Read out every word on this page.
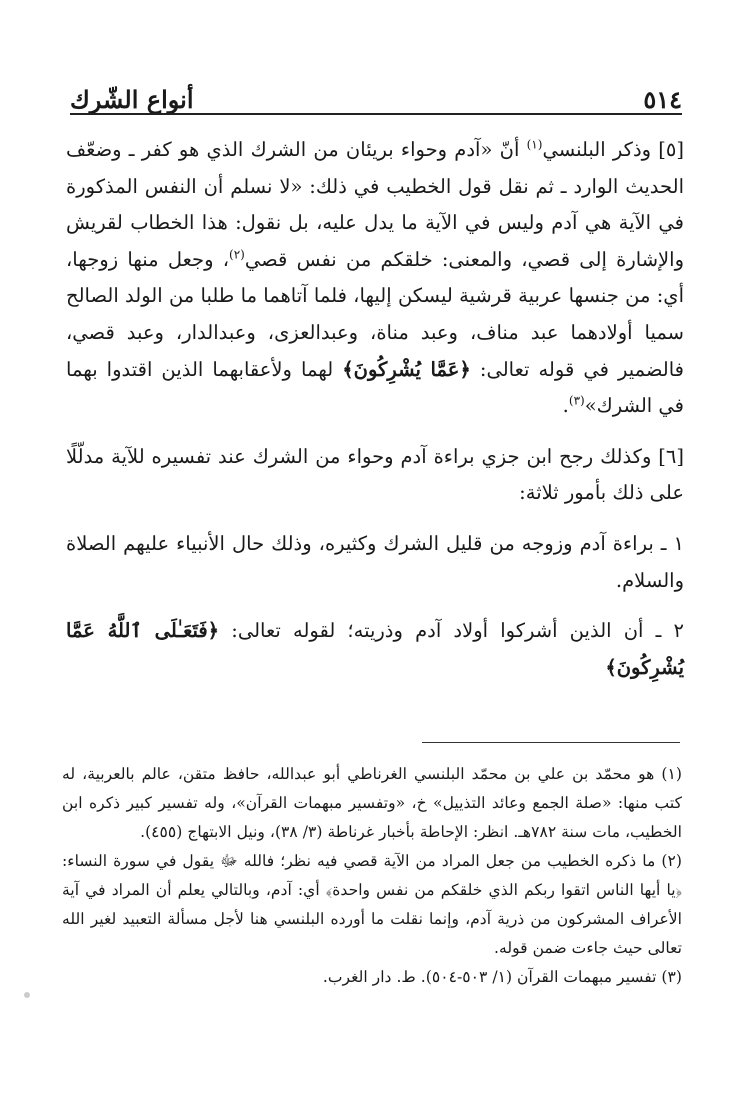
٥١٤
أنواع الشّرك

[٥] وذكر البلنسي$^{(١)}$ أنّ «آدم وحواء بريئان من الشرك الذي هو كفر ـ وضعّف الحديث الوارد ـ ثم نقل قول الخطيب في ذلك: «لا نسلم أن النفس المذكورة في الآية هي آدم وليس في الآية ما يدل عليه، بل نقول: هذا الخطاب لقريش والإشارة إلى قصي، والمعنى: خلقكم من نفس قصي$^{(٢)}$، وجعل منها زوجها، أي: من جنسها عربية قرشية ليسكن إليها، فلما آتاهما ما طلبا من الولد الصالح سميا أولادهما عبد مناف، وعبد مناة، وعبدالعزى، وعبدالدار، وعبد قصي، فالضمير في قوله تعالى: ﴿عَمَّا يُشْرِكُونَ﴾ لهما ولأعقابهما الذين اقتدوا بهما في الشرك»$^{(٣)}$.

[٦] وكذلك رجح ابن جزي براءة آدم وحواء من الشرك عند تفسيره للآية مدلّلًا على ذلك بأمور ثلاثة:

١ ـ براءة آدم وزوجه من قليل الشرك وكثيره، وذلك حال الأنبياء عليهم الصلاة والسلام.

٢ ـ أن الذين أشركوا أولاد آدم وذريته؛ لقوله تعالى: ﴿فَتَعَـٰلَى ٱللَّهُ عَمَّا يُشْرِكُونَ﴾

(١) هو محمّد بن علي بن محمّد البلنسي الغرناطي أبو عبدالله، حافظ متقن، عالم بالعربية، له كتب منها: «صلة الجمع وعائد التذييل» خ، «وتفسير مبهمات القرآن»، وله تفسير كبير ذكره ابن الخطيب، مات سنة ٧٨٢هـ. انظر: الإحاطة بأخبار غرناطة (٣/ ٣٨)، ونيل الابتهاج (٤٥٥).

(٢) ما ذكره الخطيب من جعل المراد من الآية قصي فيه نظر؛ فالله ﷻ يقول في سورة النساء: ﴿يا أيها الناس اتقوا ربكم الذي خلقكم من نفس واحدة﴾ أي: آدم، وبالتالي يعلم أن المراد في آية الأعراف المشركون من ذرية آدم، وإنما نقلت ما أورده البلنسي هنا لأجل مسألة التعبيد لغير الله تعالى حيث جاءت ضمن قوله.

(٣) تفسير مبهمات القرآن (١/ ٥٠٣-٥٠٤). ط. دار الغرب.
